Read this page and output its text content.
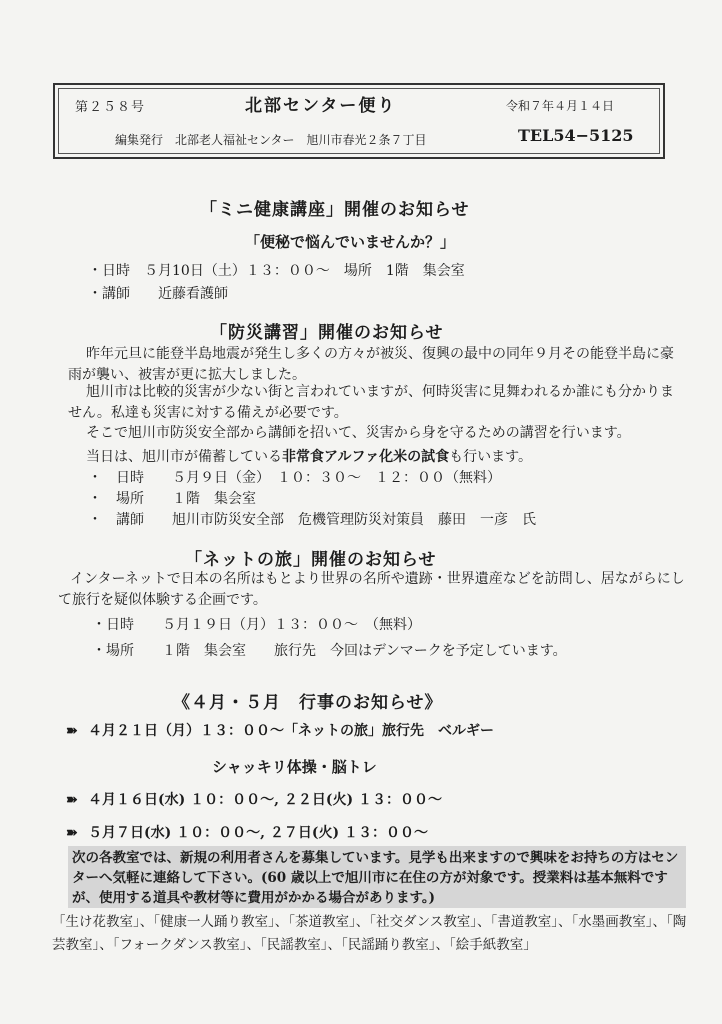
第２５８号	北部センター便り	令和７年４月１４日
編集発行　北部老人福祉センター　旭川市春光２条７丁目	TEL54−5125
「ミニ健康講座」開催のお知らせ
「便秘で悩んでいませんか？」
・日時　５月10日（土）１３：００〜　場所　1階　集会室
・講師　　近藤看護師
「防災講習」開催のお知らせ
昨年元旦に能登半島地震が発生し多くの方々が被災、復興の最中の同年９月その能登半島に豪雨が襲い、被害が更に拡大しました。
旭川市は比較的災害が少ない街と言われていますが、何時災害に見舞われるか誰にも分かりません。私達も災害に対する備えが必要です。
そこで旭川市防災安全部から講師を招いて、災害から身を守るための講習を行います。
当日は、旭川市が備蓄している非常食アルファ化米の試食も行います。
・　日時　　５月９日（金）　１０：３０〜　１２：００（無料）
・　場所　　１階　集会室
・　講師　　旭川市防災安全部　危機管理防災対策員　藤田　一彦　氏
「ネットの旅」開催のお知らせ
インターネットで日本の名所はもとより世界の名所や遺跡・世界遺産などを訪問し、居ながらにして旅行を疑似体験する企画です。
・日時　　５月１９日（月）１３：００〜　（無料）
・場所　　１階　集会室　　旅行先　今回はデンマークを予定しています。
《４月・５月　行事のお知らせ》
➽ ４月２１日（月）１３：００〜「ネットの旅」旅行先　ベルギー
シャッキリ体操・脳トレ
➽ ４月１６日(水) １０：００〜, ２２日(火) １３：００〜
➽ ５月７日(水) １０：００〜, ２７日(火) １３：００〜
次の各教室では、新規の利用者さんを募集しています。見学も出来ますので興味をお持ちの方はセンターへ気軽に連絡して下さい。(60 歳以上で旭川市に在住の方が対象です。授業料は基本無料ですが、使用する道具や教材等に費用がかかる場合があります。)
「生け花教室」、「健康一人踊り教室」、「茶道教室」、「社交ダンス教室」、「書道教室」、「水墨画教室」、「陶芸教室」、「フォークダンス教室」、「民謡教室」、「民謡踊り教室」、「絵手紙教室」
